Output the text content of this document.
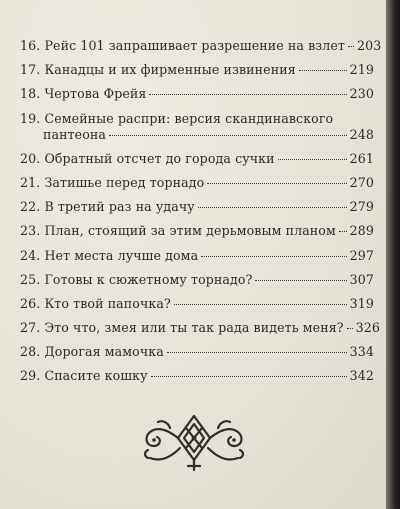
16. Рейс 101 запрашивает разрешение на взлет 203
17. Канадцы и их фирменные извинения	219
18. Чертова Фрейя	230
19. Семейные распри: версия скандинавского
пантеона	248
20. Обратный отсчет до города сучки	261
21. Затишье перед торнадо	270
22. В третий раз на удачу	279
23. План, стоящий за этим дерьмовым планом 289
24. Нет места лучше дома	297
25. Готовы к сюжетному торнадо?	307
26. Кто твой папочка?	319
27. Это что, змея или ты так рада видеть меня? 326
28. Дорогая мамочка	334
29. Спасите кошку	342
